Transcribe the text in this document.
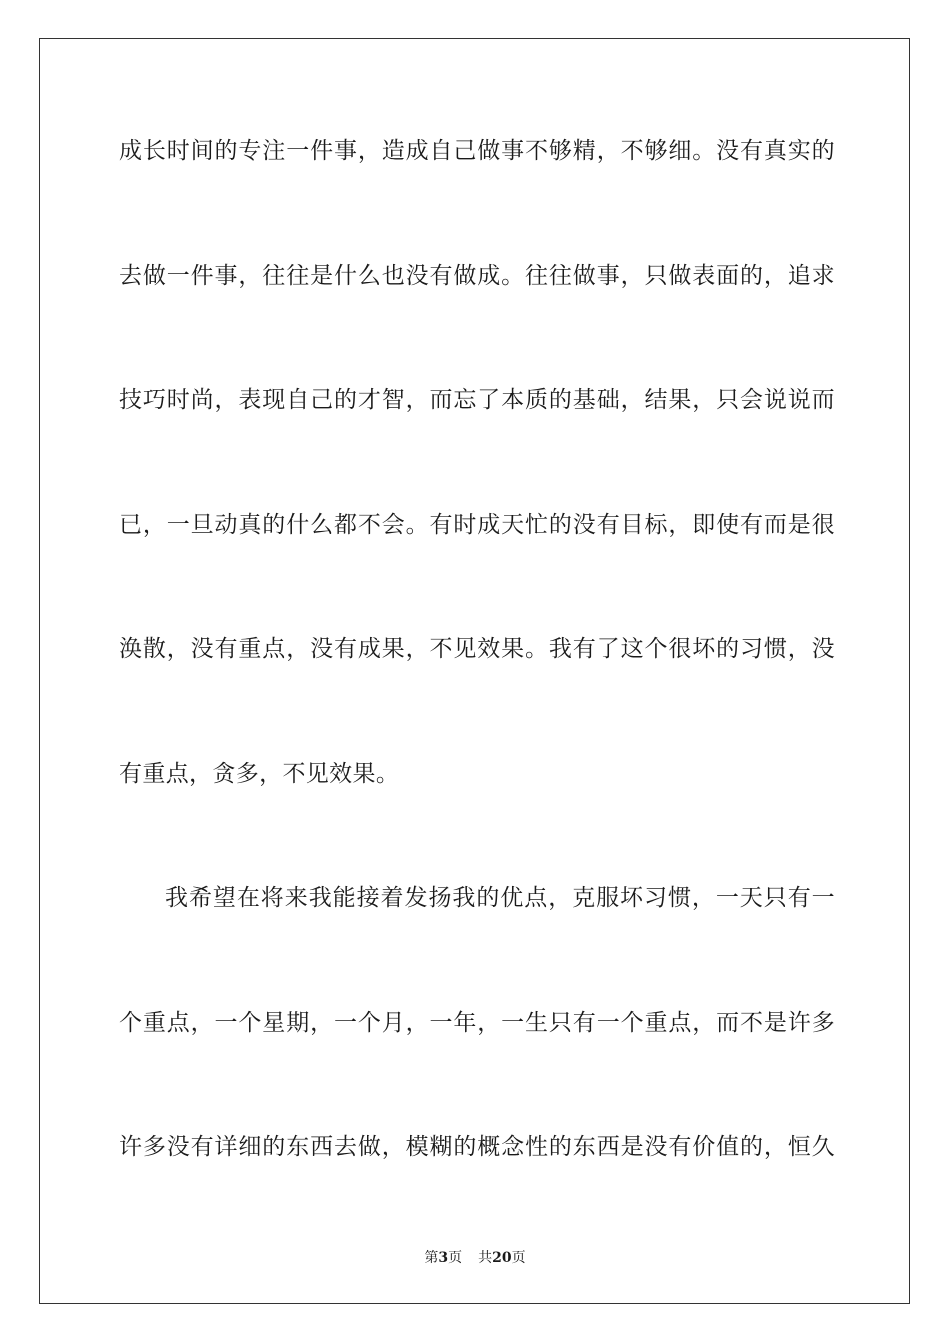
成长时间的专注一件事，造成自己做事不够精，不够细。没有真实的
去做一件事，往往是什么也没有做成。往往做事，只做表面的，追求
技巧时尚，表现自己的才智，而忘了本质的基础，结果，只会说说而
已，一旦动真的什么都不会。有时成天忙的没有目标，即使有而是很
涣散，没有重点，没有成果，不见效果。我有了这个很坏的习惯，没
有重点，贪多，不见效果。
我希望在将来我能接着发扬我的优点，克服坏习惯，一天只有一
个重点，一个星期，一个月，一年，一生只有一个重点，而不是许多
许多没有详细的东西去做，模糊的概念性的东西是没有价值的，恒久
第3页 共20页
